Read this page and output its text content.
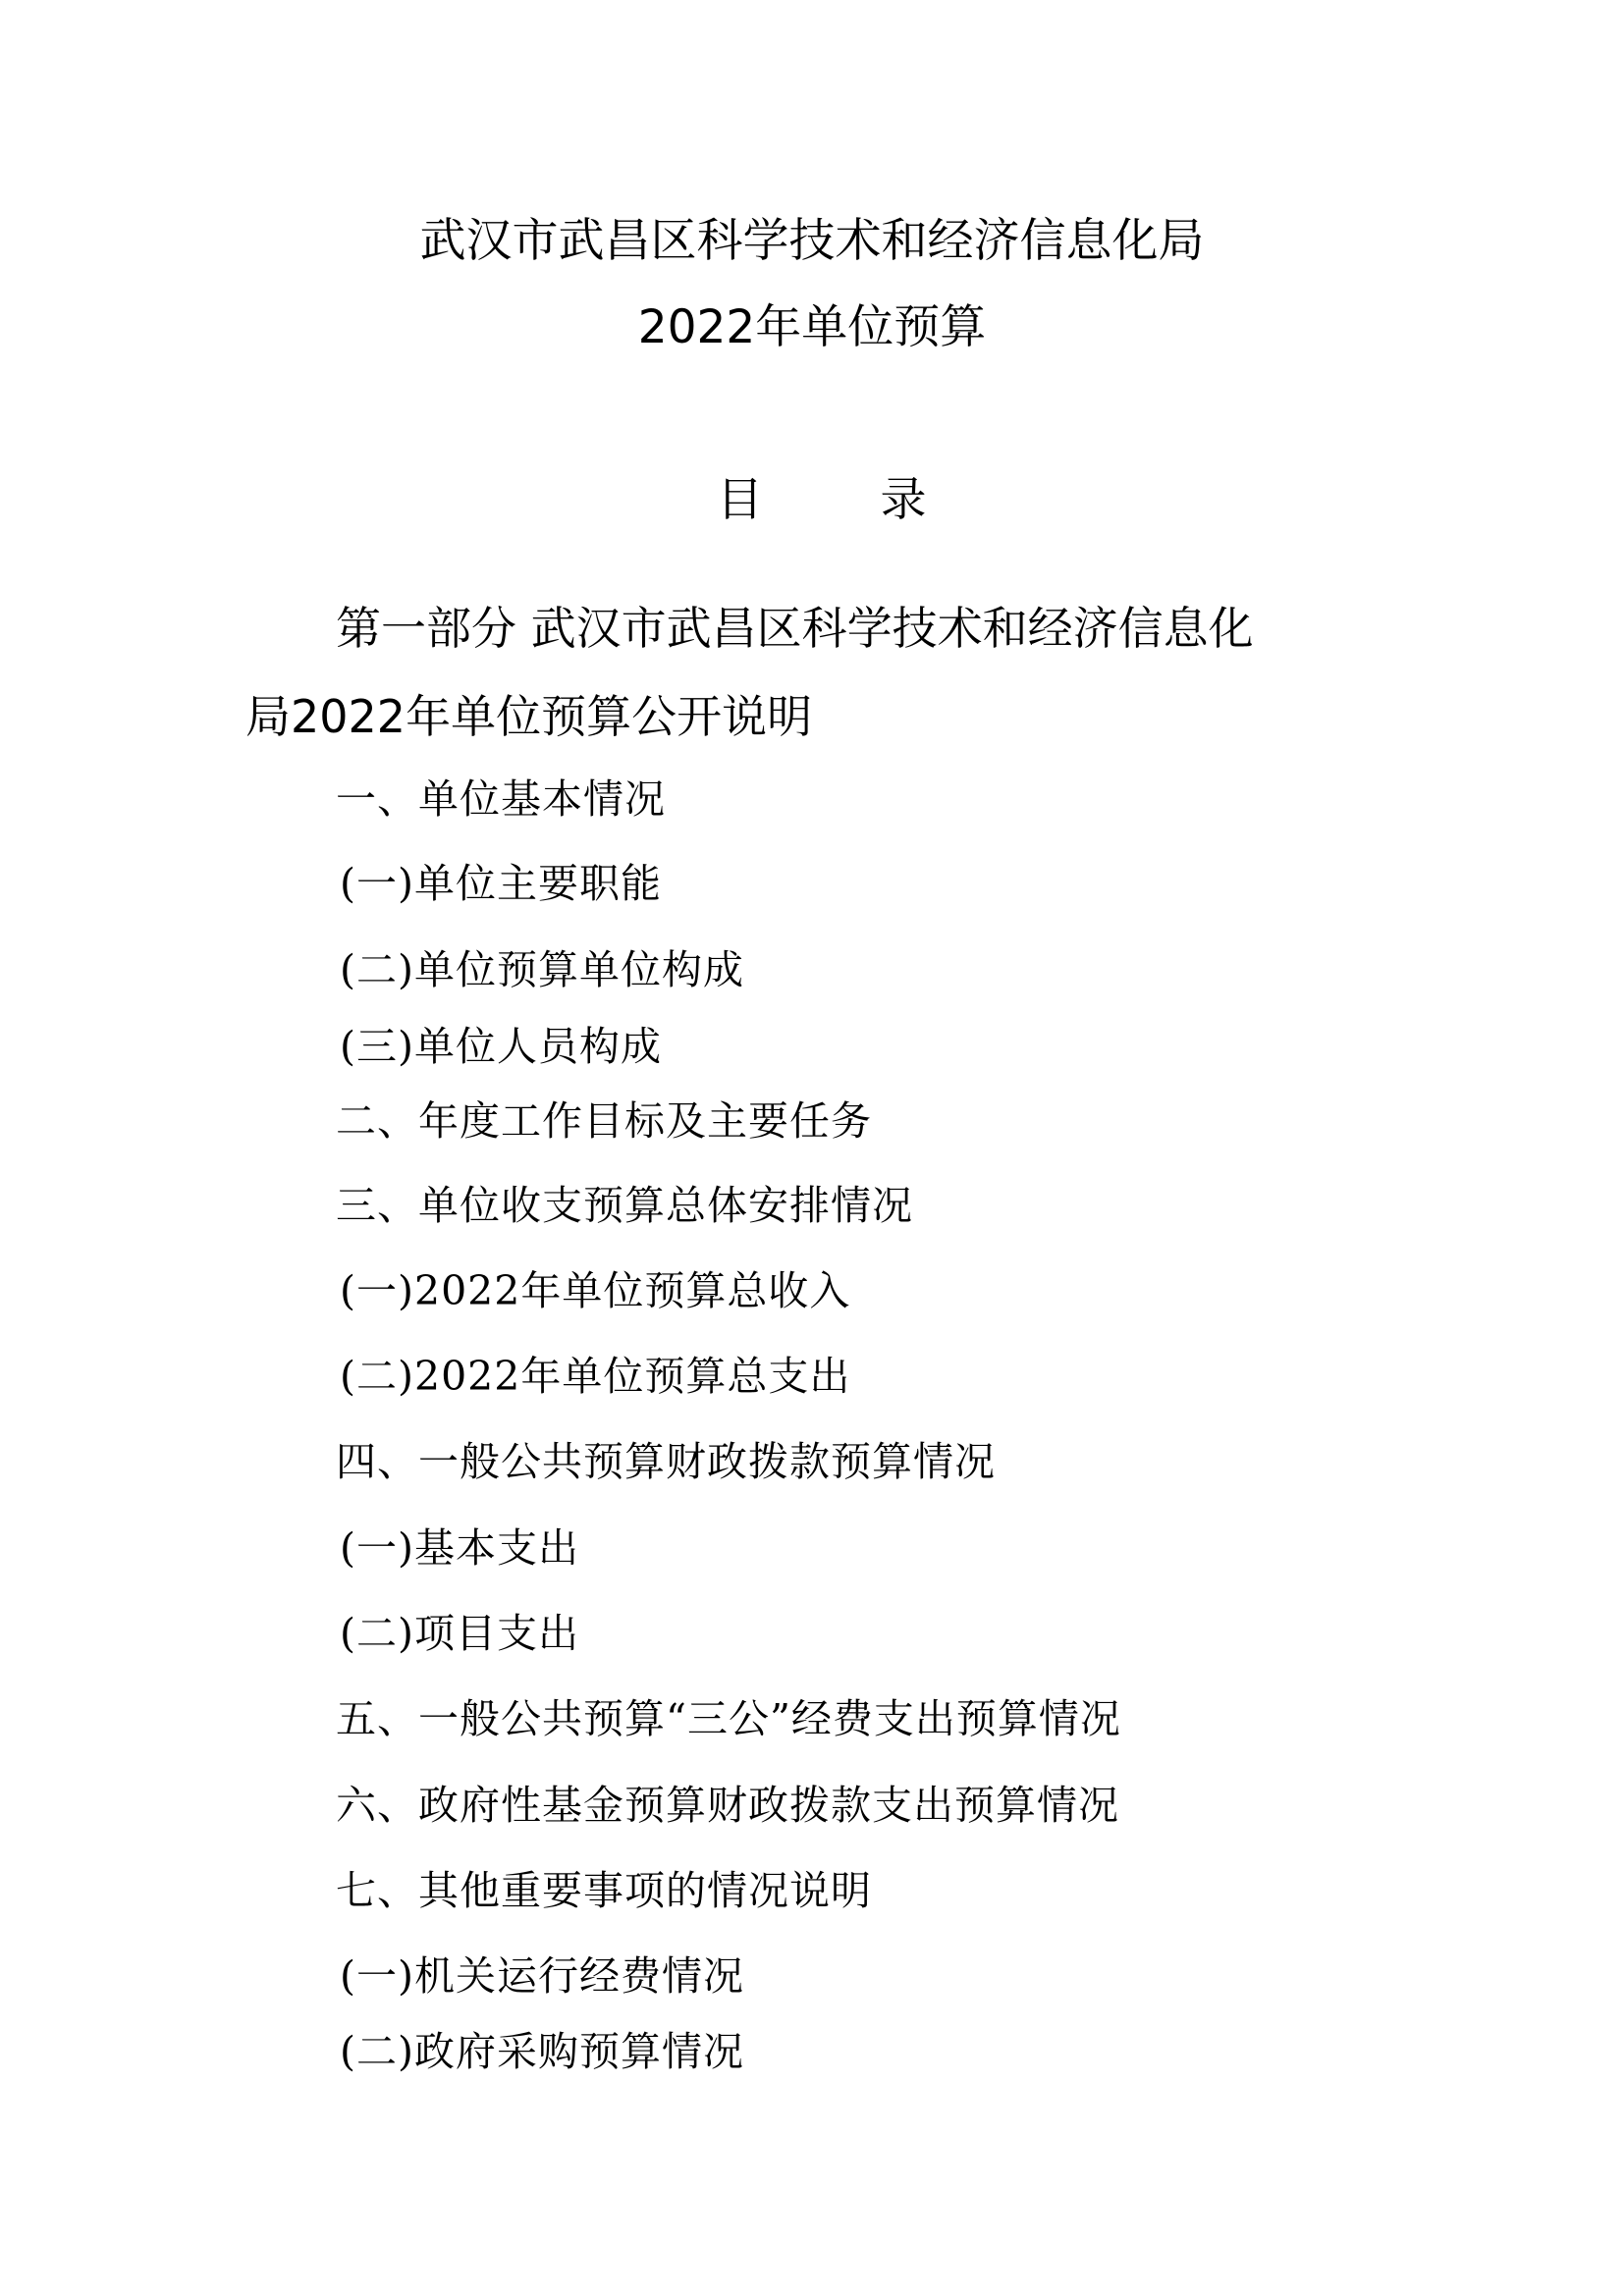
武汉市武昌区科学技术和经济信息化局
2022年单位预算
目        录
第一部分 武汉市武昌区科学技术和经济信息化
局2022年单位预算公开说明
一、单位基本情况
(一)单位主要职能
(二)单位预算单位构成
(三)单位人员构成
二、年度工作目标及主要任务
三、单位收支预算总体安排情况
(一)2022年单位预算总收入
(二)2022年单位预算总支出
四、一般公共预算财政拨款预算情况
(一)基本支出
(二)项目支出
五、一般公共预算“三公”经费支出预算情况
六、政府性基金预算财政拨款支出预算情况
七、其他重要事项的情况说明
(一)机关运行经费情况
(二)政府采购预算情况
